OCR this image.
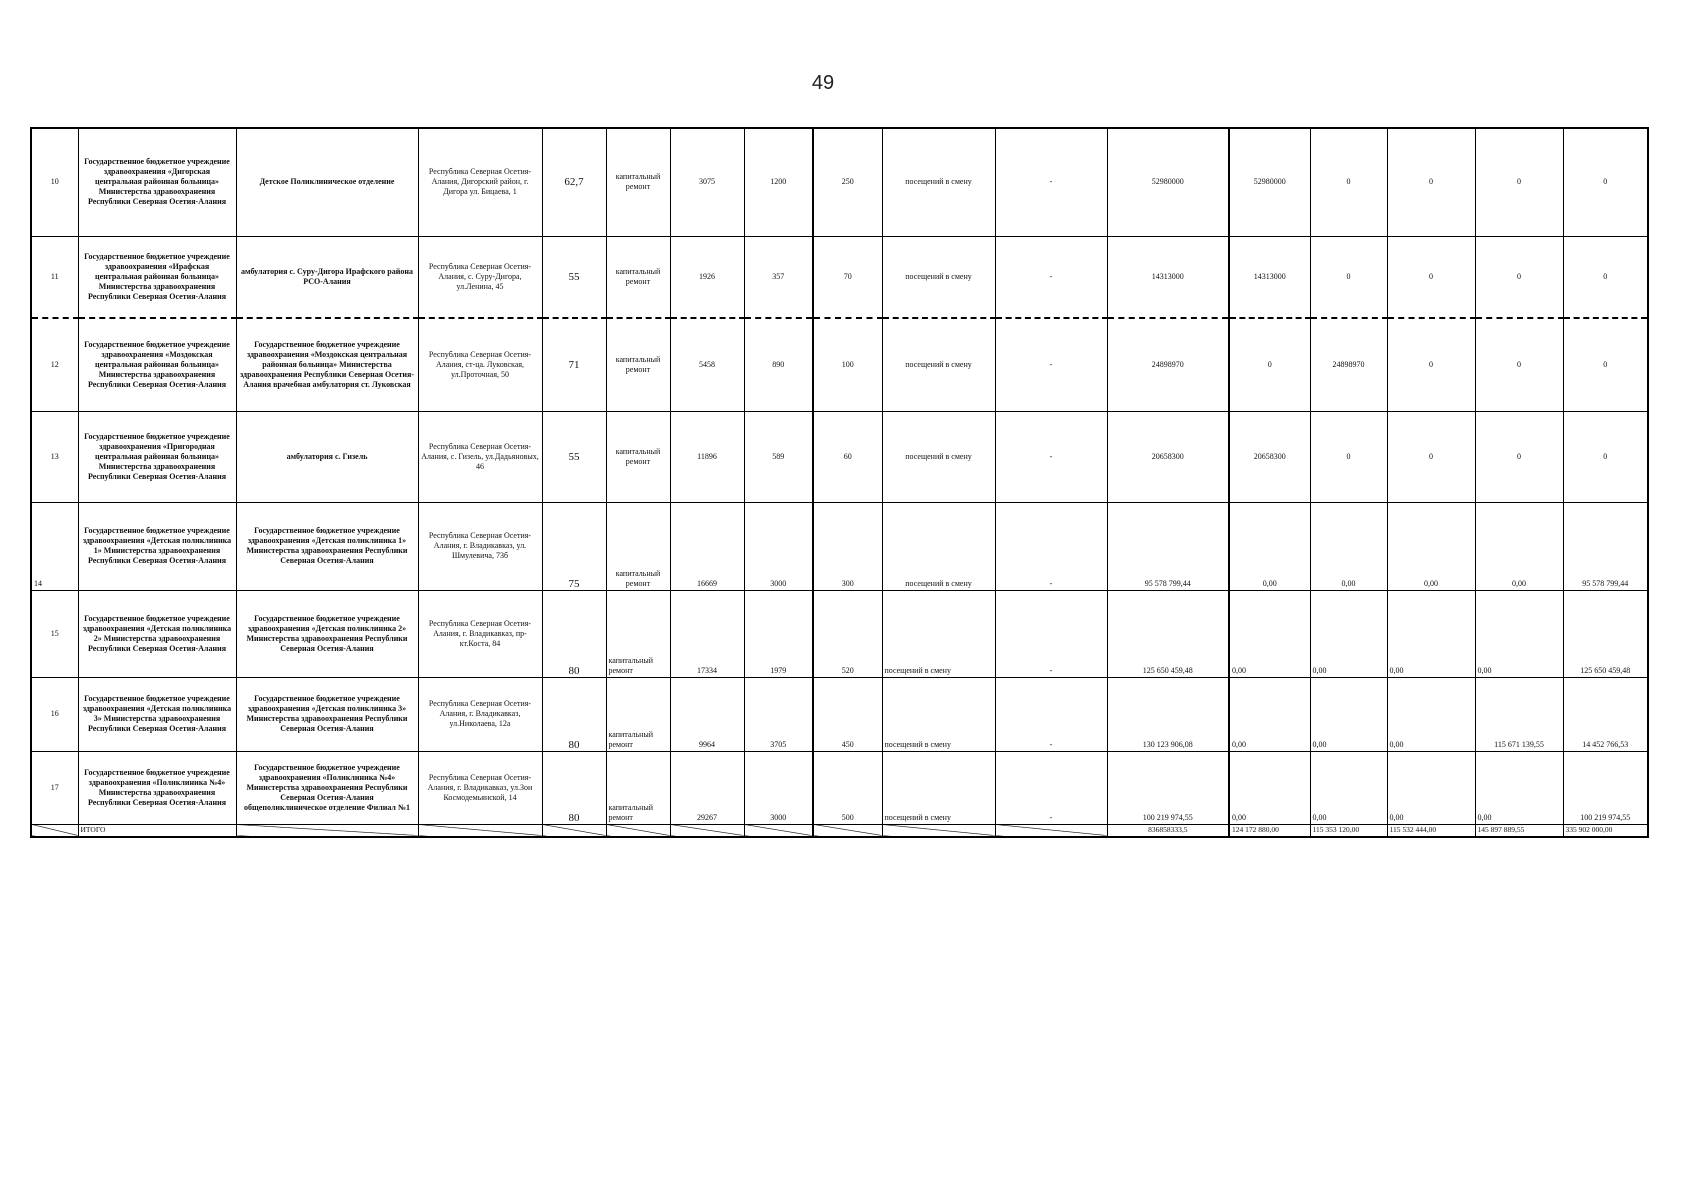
49
10	Государственное бюджетное учреждение здравоохранения «Дигорская центральная районная больница» Министерства здравоохранения Республики Северная Осетия-Алания	Детское Поликлиническое отделение	Республика Северная Осетия-Алания, Дигорский район, г. Дигора ул. Бицаева, 1	62,7	капитальный ремонт	3075	1200	250	посещений в смену	-	52980000	52980000	0	0	0	0
11	Государственное бюджетное учреждение здравоохранения «Ирафская центральная районная больница» Министерства здравоохранения Республики Северная Осетия-Алания	амбулатория с. Суру-Дигора Ирафского района РСО-Алания	Республика Северная Осетия-Алания, с. Суру-Дигора, ул.Ленина, 45	55	капитальный ремонт	1926	357	70	посещений в смену	-	14313000	14313000	0	0	0	0
12	Государственное бюджетное учреждение здравоохранения «Моздокская центральная районная больница» Министерства здравоохранения Республики Северная Осетия-Алания	Государственное бюджетное учреждение здравоохранения «Моздокская центральная районная больница» Министерства здравоохранения Республики Северная Осетия-Алания врачебная амбулатория ст. Луковская	Республика Северная Осетия-Алания, ст-ца. Луковская, ул.Проточная, 50	71	капитальный ремонт	5458	890	100	посещений в смену	-	24898970	0	24898970	0	0	0
13	Государственное бюджетное учреждение здравоохранения «Пригородная центральная районная больница» Министерства здравоохранения Республики Северная Осетия-Алания	амбулатория с. Гизель	Республика Северная Осетия-Алания, с. Гизель, ул.Дадьяновых, 46	55	капитальный ремонт	11896	589	60	посещений в смену	-	20658300	20658300	0	0	0	0
14	Государственное бюджетное учреждение здравоохранения «Детская поликлиника 1» Министерства здравоохранения Республики Северная Осетия-Алания	Государственное бюджетное учреждение здравоохранения «Детская поликлиника 1» Министерства здравоохранения Республики Северная Осетия-Алания	Республика Северная Осетия-Алания, г. Владикавказ, ул. Шмулевича, 73б	75	капитальный ремонт	16669	3000	300	посещений в смену	-	95 578 799,44	0,00	0,00	0,00	0,00	95 578 799,44
15	Государственное бюджетное учреждение здравоохранения «Детская поликлиника 2» Министерства здравоохранения Республики Северная Осетия-Алания	Государственное бюджетное учреждение здравоохранения «Детская поликлиника 2» Министерства здравоохранения Республики Северная Осетия-Алания	Республика Северная Осетия-Алания, г. Владикавказ, пр-кт.Коста, 84	80	капитальный ремонт	17334	1979	520	посещений в смену	-	125 650 459,48	0,00	0,00	0,00	0,00	125 650 459,48
16	Государственное бюджетное учреждение здравоохранения «Детская поликлиника 3» Министерства здравоохранения Республики Северная Осетия-Алания	Государственное бюджетное учреждение здравоохранения «Детская поликлиника 3» Министерства здравоохранения Республики Северная Осетия-Алания	Республика Северная Осетия-Алания, г. Владикавказ, ул.Николаева, 12а	80	капитальный ремонт	9964	3705	450	посещений в смену	-	130 123 906,08	0,00	0,00	0,00	115 671 139,55	14 452 766,53
17	Государственное бюджетное учреждение здравоохранения «Поликлиника №4» Министерства здравоохранения Республики Северная Осетия-Алания	Государственное бюджетное учреждение здравоохранения «Поликлиника №4» Министерства здравоохранения Республики Северная Осетия-Алания общеполиклиническое отделение Филиал №1	Республика Северная Осетия-Алания, г. Владикавказ, ул.Зои Космодемьянской, 14	80	капитальный ремонт	29267	3000	500	посещений в смену	-	100 219 974,55	0,00	0,00	0,00	0,00	100 219 974,55
	ИТОГО										836858333,5	124 172 880,00	115 353 120,00	115 532 444,00	145 897 889,55	335 902 000,00
